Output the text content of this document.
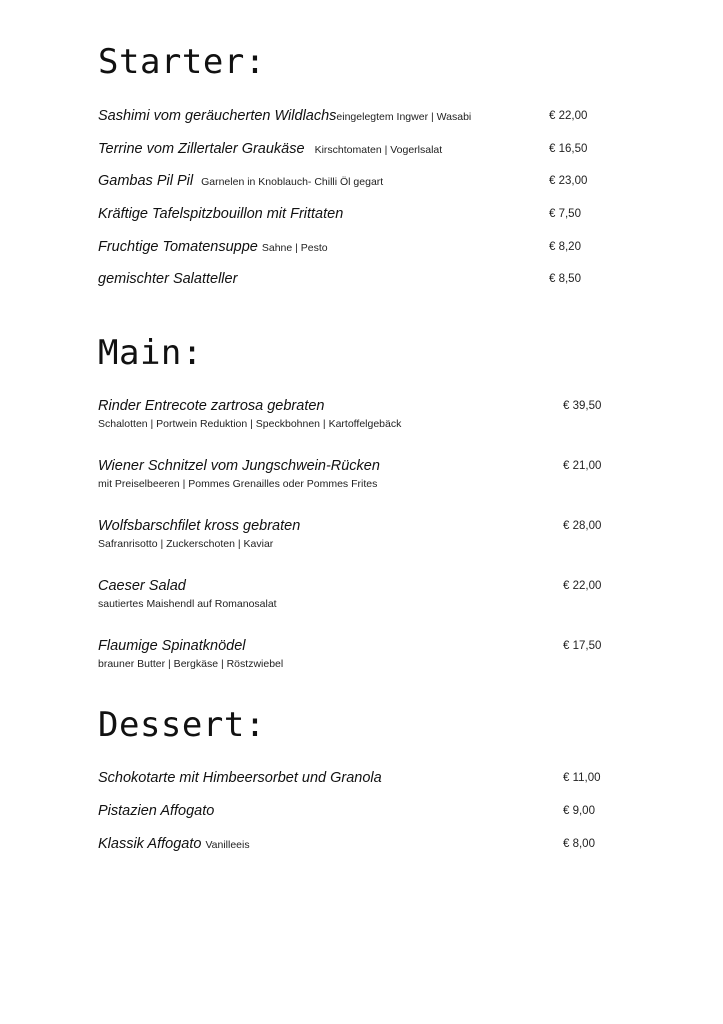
Starter:
Sashimi vom geräucherten Wildlachseingelegtem Ingwer | Wasabi	€ 22,00
Terrine vom Zillertaler Graukäse Kirschtomaten | Vogerlsalat	€ 16,50
Gambas Pil Pil Garnelen in Knoblauch- Chilli Öl gegart	€ 23,00
Kräftige Tafelspitzbouillon mit Frittaten	€ 7,50
Fruchtige Tomatensuppe Sahne | Pesto	€ 8,20
gemischter Salatteller	€ 8,50
Main:
Rinder Entrecote zartrosa gebraten	€ 39,50
Schalotten | Portwein Reduktion | Speckbohnen | Kartoffelgebäck
Wiener Schnitzel vom Jungschwein-Rücken	€ 21,00
mit Preiselbeeren | Pommes Grenailles oder Pommes Frites
Wolfsbarschfilet kross gebraten	€ 28,00
Safranrisotto | Zuckerschoten | Kaviar
Caeser Salad	€ 22,00
sautiertes Maishendl auf Romanosalat
Flaumige Spinatknödel	€ 17,50
brauner Butter | Bergkäse | Röstzwiebel
Dessert:
Schokotarte mit Himbeersorbet und Granola	€ 11,00
Pistazien Affogato	€ 9,00
Klassik Affogato Vanilleeis	€ 8,00
